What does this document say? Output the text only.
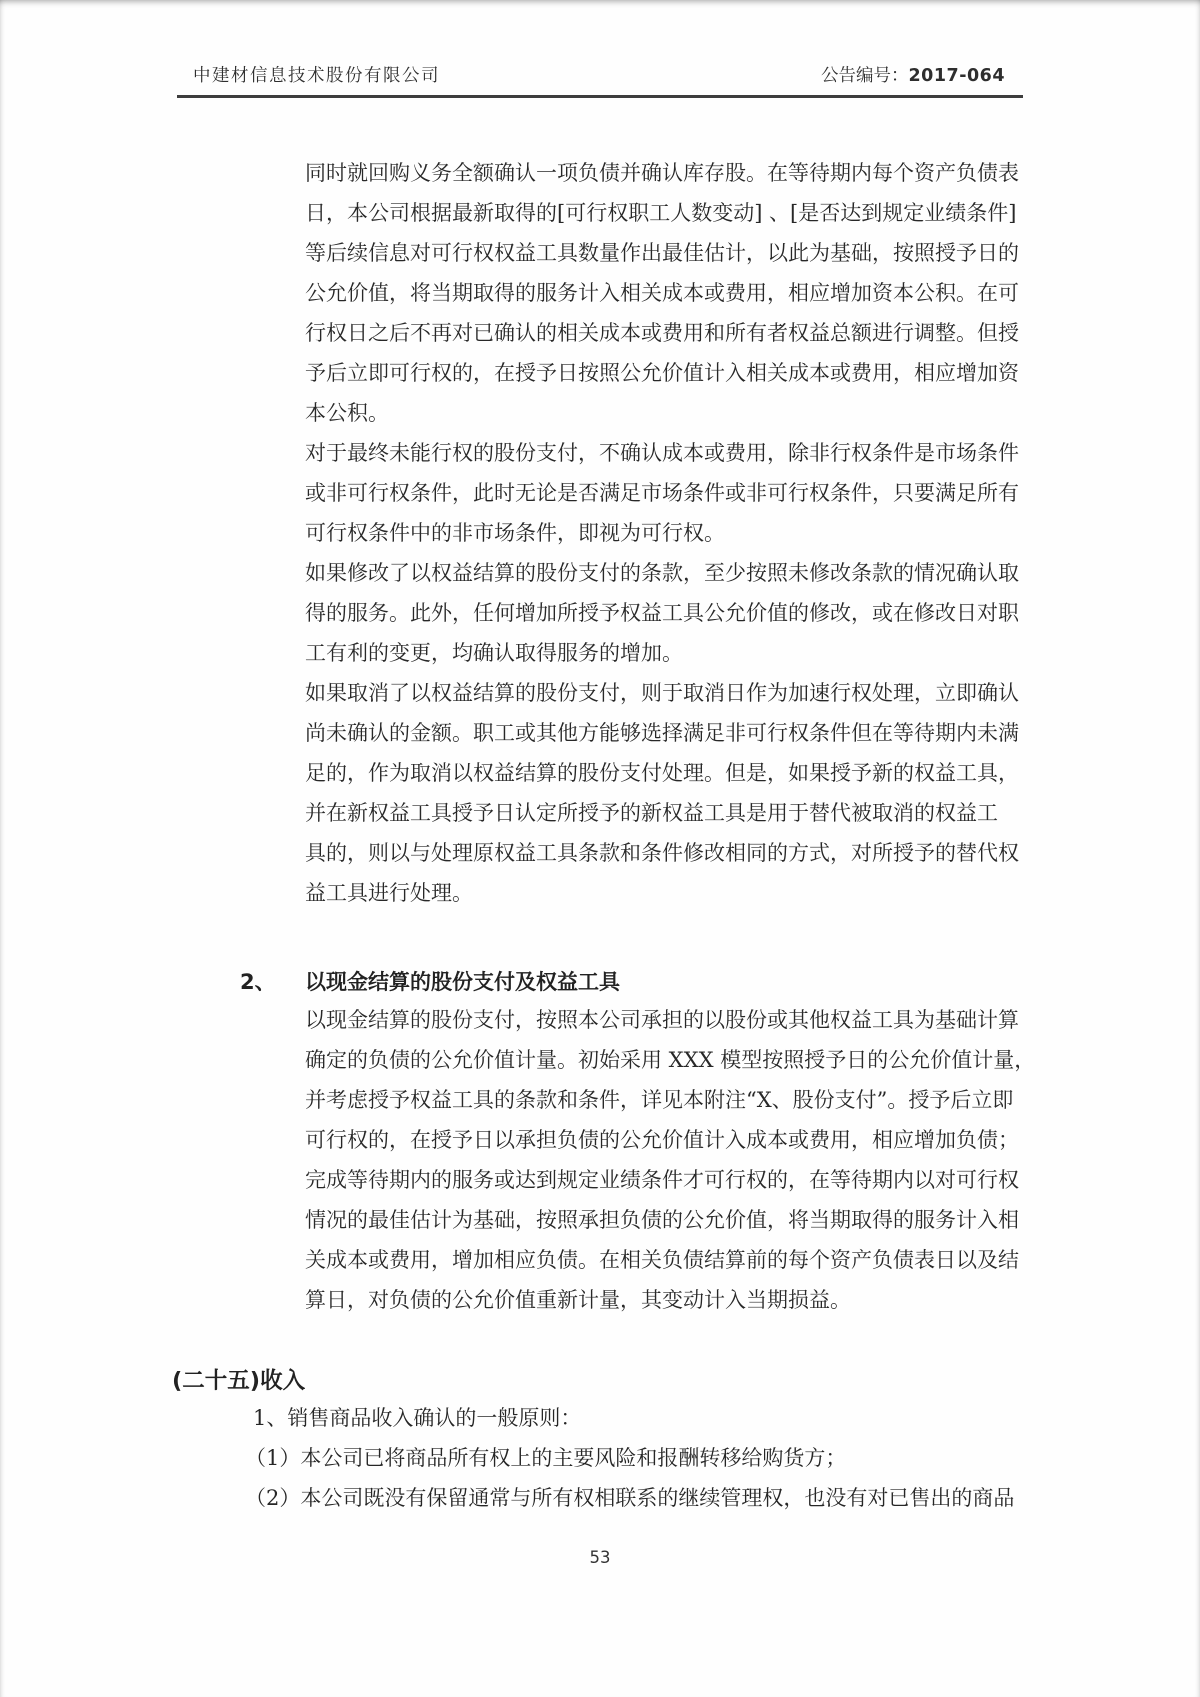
中建材信息技术股份有限公司	公告编号：2017-064
同时就回购义务全额确认一项负债并确认库存股。在等待期内每个资产负债表
日，本公司根据最新取得的[可行权职工人数变动] 、[是否达到规定业绩条件]
等后续信息对可行权权益工具数量作出最佳估计，以此为基础，按照授予日的
公允价值，将当期取得的服务计入相关成本或费用，相应增加资本公积。在可
行权日之后不再对已确认的相关成本或费用和所有者权益总额进行调整。但授
予后立即可行权的，在授予日按照公允价值计入相关成本或费用，相应增加资
本公积。
对于最终未能行权的股份支付，不确认成本或费用，除非行权条件是市场条件
或非可行权条件，此时无论是否满足市场条件或非可行权条件，只要满足所有
可行权条件中的非市场条件，即视为可行权。
如果修改了以权益结算的股份支付的条款，至少按照未修改条款的情况确认取
得的服务。此外，任何增加所授予权益工具公允价值的修改，或在修改日对职
工有利的变更，均确认取得服务的增加。
如果取消了以权益结算的股份支付，则于取消日作为加速行权处理，立即确认
尚未确认的金额。职工或其他方能够选择满足非可行权条件但在等待期内未满
足的，作为取消以权益结算的股份支付处理。但是，如果授予新的权益工具，
并在新权益工具授予日认定所授予的新权益工具是用于替代被取消的权益工
具的，则以与处理原权益工具条款和条件修改相同的方式，对所授予的替代权
益工具进行处理。
2、 以现金结算的股份支付及权益工具
以现金结算的股份支付，按照本公司承担的以股份或其他权益工具为基础计算
确定的负债的公允价值计量。初始采用 XXX 模型按照授予日的公允价值计量，
并考虑授予权益工具的条款和条件，详见本附注“X、股份支付”。授予后立即
可行权的，在授予日以承担负债的公允价值计入成本或费用，相应增加负债；
完成等待期内的服务或达到规定业绩条件才可行权的，在等待期内以对可行权
情况的最佳估计为基础，按照承担负债的公允价值，将当期取得的服务计入相
关成本或费用，增加相应负债。在相关负债结算前的每个资产负债表日以及结
算日，对负债的公允价值重新计量，其变动计入当期损益。
(二十五)收入
1、销售商品收入确认的一般原则：
（1）本公司已将商品所有权上的主要风险和报酬转移给购货方；
（2）本公司既没有保留通常与所有权相联系的继续管理权，也没有对已售出的商品
53
